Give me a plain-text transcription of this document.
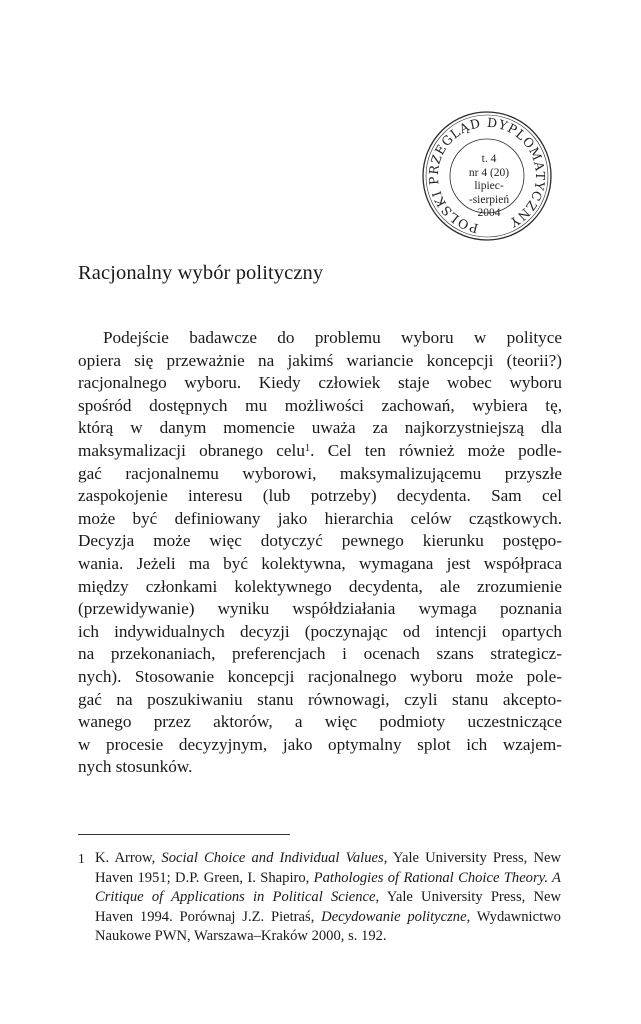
POLSKI PRZEGLĄD DYPLOMATYCZNY
t. 4
nr 4 (20)
lipiec-
-sierpień
2004
Racjonalny wybór polityczny
Podejście badawcze do problemu wyboru w polityce
opiera się przeważnie na jakimś wariancie koncepcji (teorii?)
racjonalnego wyboru. Kiedy człowiek staje wobec wyboru
spośród dostępnych mu możliwości zachowań, wybiera tę,
którą w danym momencie uważa za najkorzystniejszą dla
maksymalizacji obranego celu$^1$. Cel ten również może podle-
gać racjonalnemu wyborowi, maksymalizującemu przyszłe
zaspokojenie interesu (lub potrzeby) decydenta. Sam cel
może być definiowany jako hierarchia celów cząstkowych.
Decyzja może więc dotyczyć pewnego kierunku postępo-
wania. Jeżeli ma być kolektywna, wymagana jest współpraca
między członkami kolektywnego decydenta, ale zrozumienie
(przewidywanie) wyniku współdziałania wymaga poznania
ich indywidualnych decyzji (poczynając od intencji opartych
na przekonaniach, preferencjach i ocenach szans strategicz-
nych). Stosowanie koncepcji racjonalnego wyboru może pole-
gać na poszukiwaniu stanu równowagi, czyli stanu akcepto-
wanego przez aktorów, a więc podmioty uczestniczące
w procesie decyzyjnym, jako optymalny splot ich wzajem-
nych stosunków.
1 K. Arrow, Social Choice and Individual Values, Yale University Press, New Haven 1951; D.P. Green, I. Shapiro, Pathologies of Rational Choice Theory. A Critique of Applications in Political Science, Yale University Press, New Haven 1994. Porównaj J.Z. Pietraś, Decydowanie polityczne, Wydawnictwo Naukowe PWN, Warszawa–Kraków 2000, s. 192.
